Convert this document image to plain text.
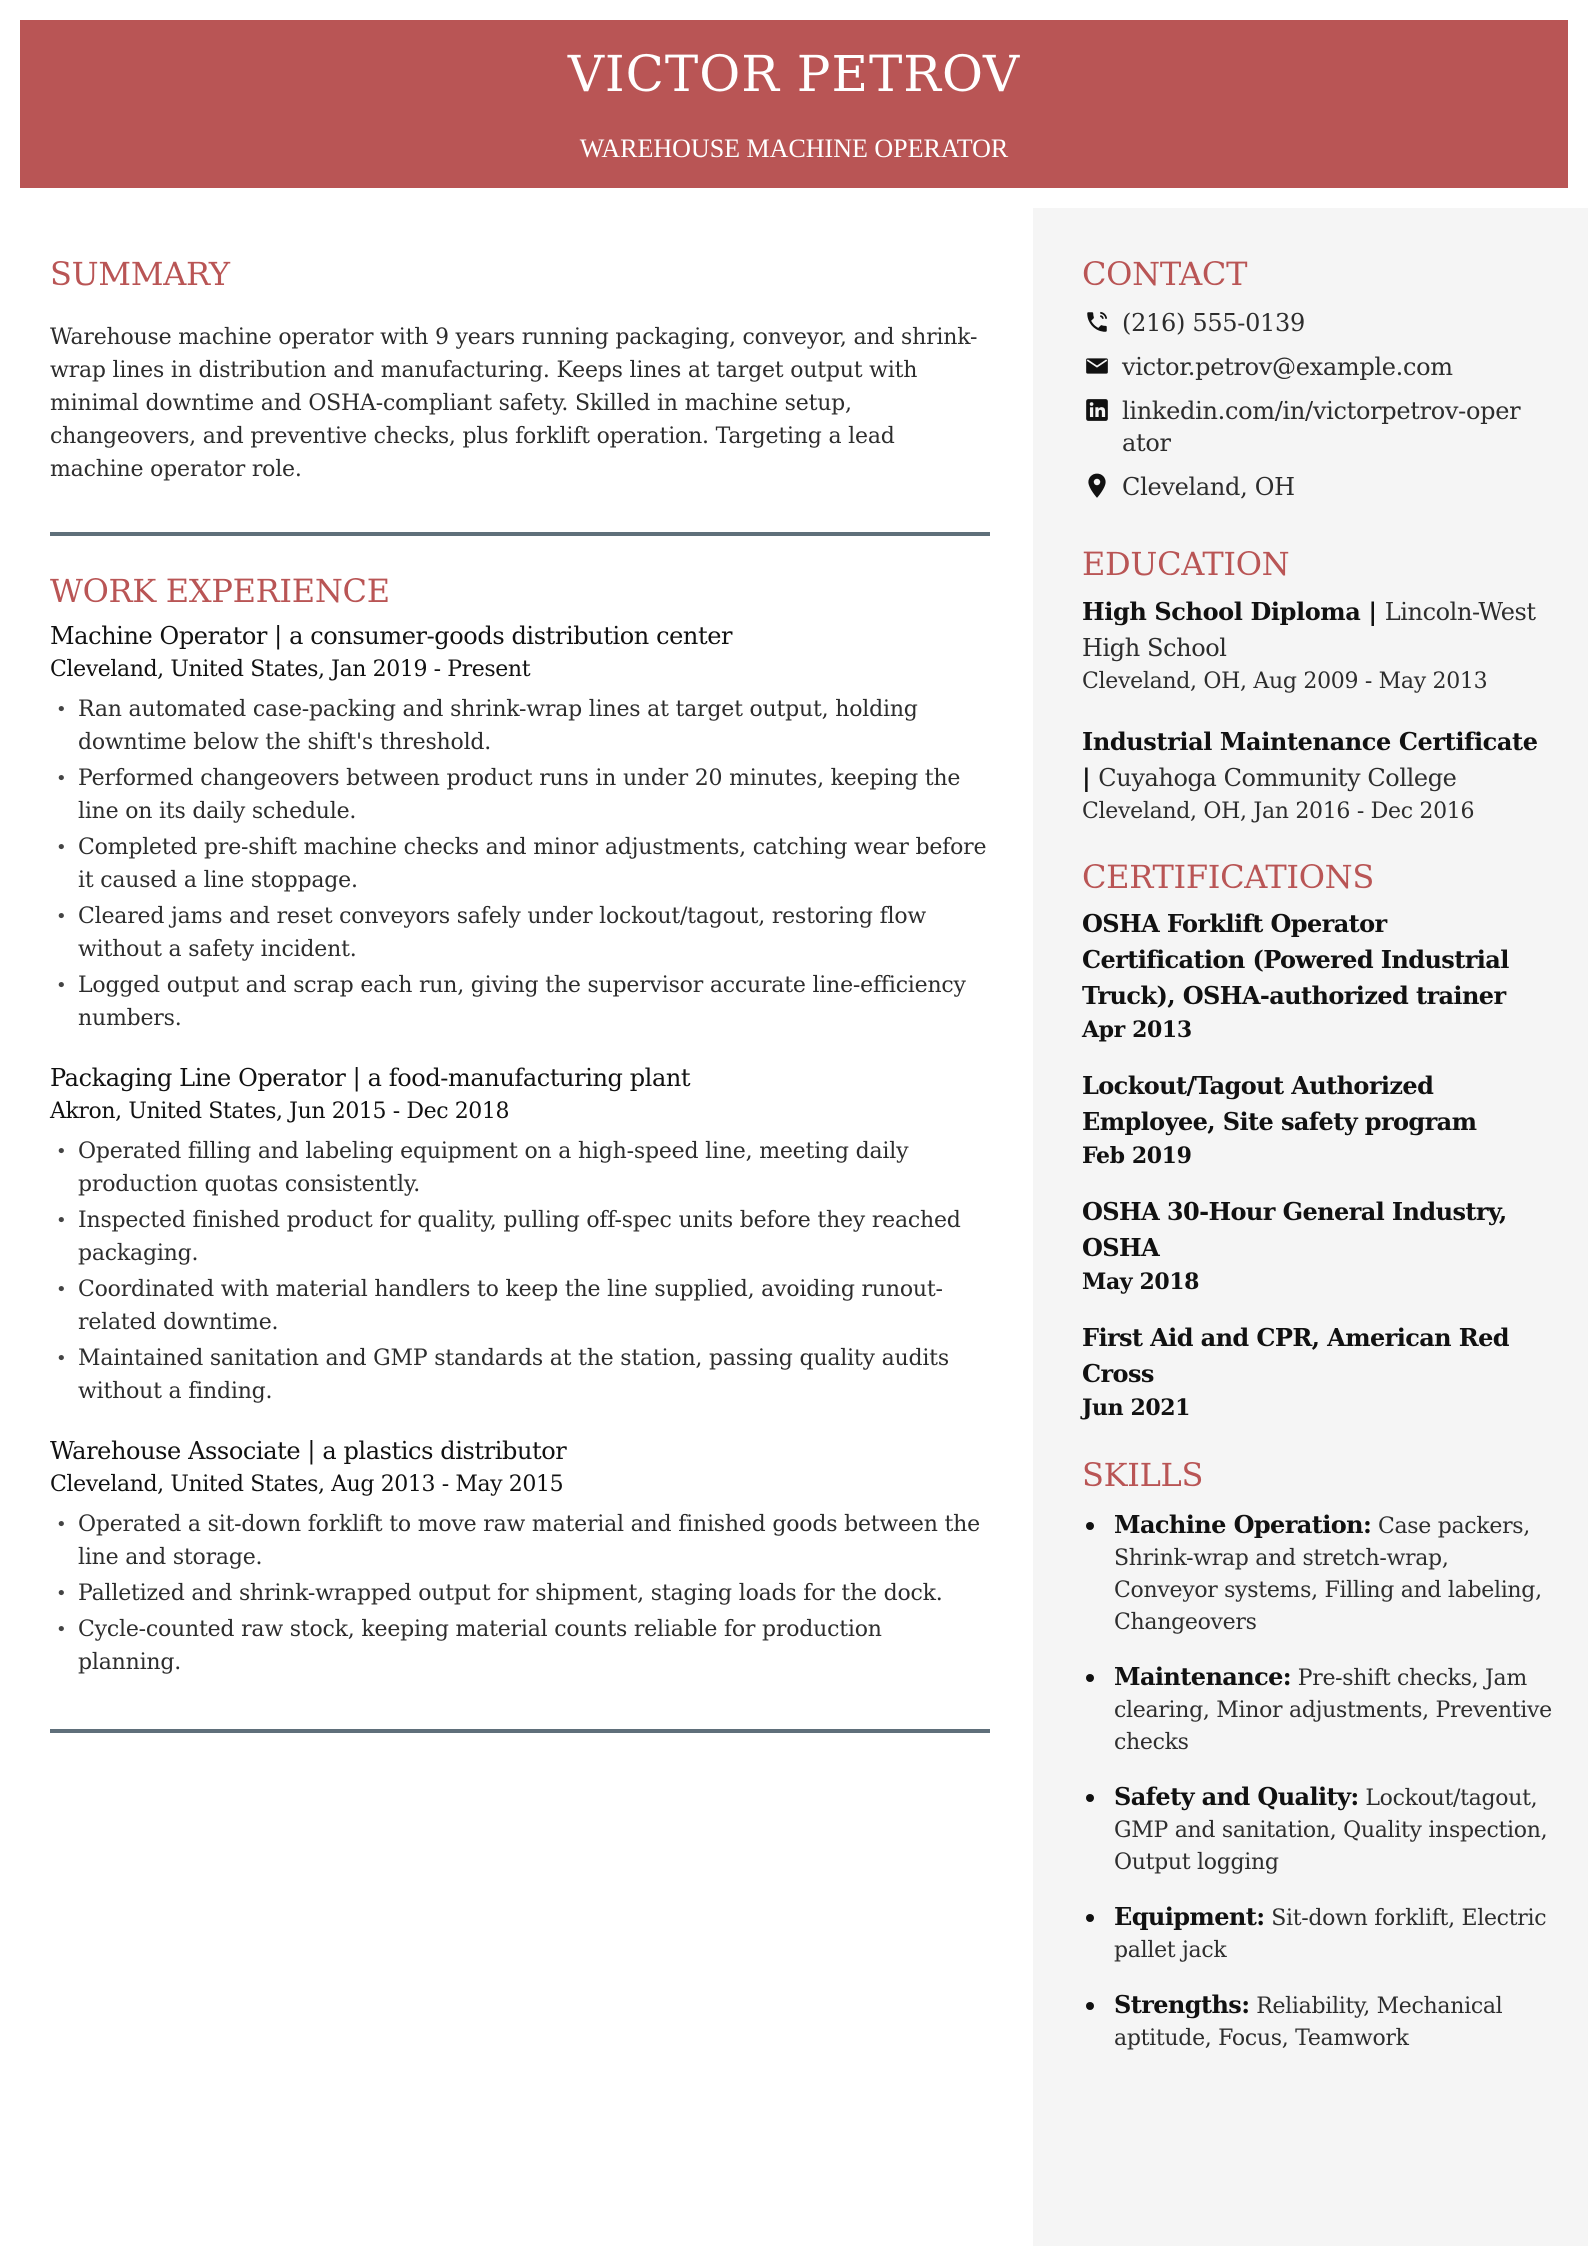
VICTOR PETROV
WAREHOUSE MACHINE OPERATOR
SUMMARY
Warehouse machine operator with 9 years running packaging, conveyor, and shrink-wrap lines in distribution and manufacturing. Keeps lines at target output with minimal downtime and OSHA-compliant safety. Skilled in machine setup, changeovers, and preventive checks, plus forklift operation. Targeting a lead machine operator role.
WORK EXPERIENCE
Machine Operator | a consumer-goods distribution center
Cleveland, United States, Jan 2019 - Present
• Ran automated case-packing and shrink-wrap lines at target output, holding downtime below the shift's threshold.
• Performed changeovers between product runs in under 20 minutes, keeping the line on its daily schedule.
• Completed pre-shift machine checks and minor adjustments, catching wear before it caused a line stoppage.
• Cleared jams and reset conveyors safely under lockout/tagout, restoring flow without a safety incident.
• Logged output and scrap each run, giving the supervisor accurate line-efficiency numbers.
Packaging Line Operator | a food-manufacturing plant
Akron, United States, Jun 2015 - Dec 2018
• Operated filling and labeling equipment on a high-speed line, meeting daily production quotas consistently.
• Inspected finished product for quality, pulling off-spec units before they reached packaging.
• Coordinated with material handlers to keep the line supplied, avoiding runout-related downtime.
• Maintained sanitation and GMP standards at the station, passing quality audits without a finding.
Warehouse Associate | a plastics distributor
Cleveland, United States, Aug 2013 - May 2015
• Operated a sit-down forklift to move raw material and finished goods between the line and storage.
• Palletized and shrink-wrapped output for shipment, staging loads for the dock.
• Cycle-counted raw stock, keeping material counts reliable for production planning.
CONTACT
(216) 555-0139
victor.petrov@example.com
linkedin.com/in/victorpetrov-operator
Cleveland, OH
EDUCATION
High School Diploma | Lincoln-West High School
Cleveland, OH, Aug 2009 - May 2013
Industrial Maintenance Certificate | Cuyahoga Community College
Cleveland, OH, Jan 2016 - Dec 2016
CERTIFICATIONS
OSHA Forklift Operator Certification (Powered Industrial Truck), OSHA-authorized trainer
Apr 2013
Lockout/Tagout Authorized Employee, Site safety program
Feb 2019
OSHA 30-Hour General Industry, OSHA
May 2018
First Aid and CPR, American Red Cross
Jun 2021
SKILLS
Machine Operation: Case packers, Shrink-wrap and stretch-wrap, Conveyor systems, Filling and labeling, Changeovers
Maintenance: Pre-shift checks, Jam clearing, Minor adjustments, Preventive checks
Safety and Quality: Lockout/tagout, GMP and sanitation, Quality inspection, Output logging
Equipment: Sit-down forklift, Electric pallet jack
Strengths: Reliability, Mechanical aptitude, Focus, Teamwork
